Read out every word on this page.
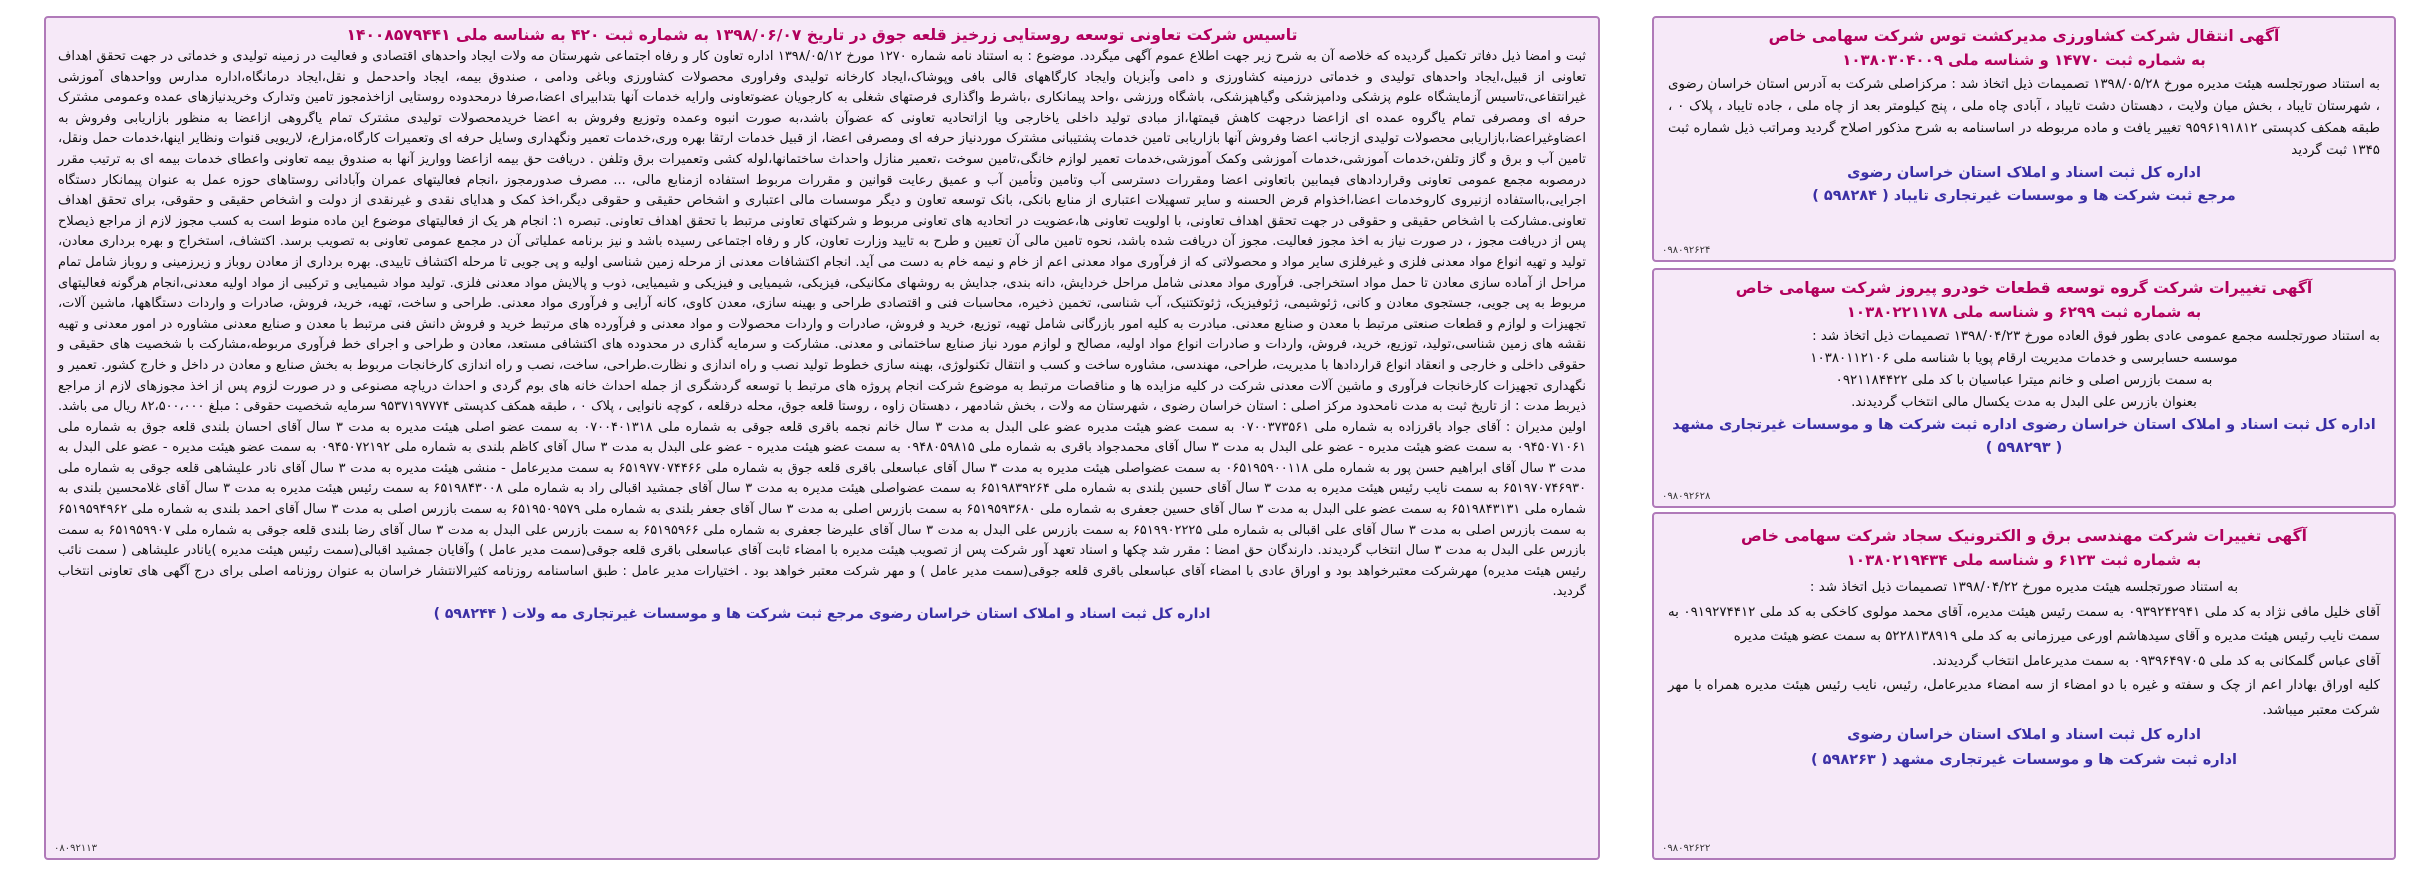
تاسیس شرکت تعاونی توسعه روستایی زرخیز قلعه جوق در تاریخ ۱۳۹۸/۰۶/۰۷ به شماره ثبت ۴۲۰ به شناسه ملی ۱۴۰۰۸۵۷۹۴۴۱
ثبت و امضا ذیل دفاتر تکمیل گردیده که خلاصه آن به شرح زیر جهت اطلاع عموم آگهی میگردد. موضوع : به استناد نامه شماره ۱۲۷۰ مورخ ۱۳۹۸/۰۵/۱۲ اداره تعاون کار و رفاه اجتماعی شهرستان مه ولات ایجاد واحدهای اقتصادی و فعالیت در زمینه تولیدی و خدماتی در جهت تحقق اهداف تعاونی از قبیل،ایجاد واحدهای تولیدی و خدماتی درزمینه کشاورزی و دامی وآبزیان وایجاد کارگاههای قالی بافی وپوشاک،ایجاد کارخانه تولیدی وفراوری محصولات کشاورزی وباغی ودامی ، صندوق بیمه، ایجاد واحدحمل و نقل،ایجاد درمانگاه،اداره مدارس وواحدهای آموزشی غیرانتفاعی،تاسیس آزمایشگاه علوم پزشکی ودامپزشکی وگیاهپزشکی، باشگاه ورزشی ،واحد پیمانکاری ،باشرط واگذاری فرصتهای شغلی به کارجویان عضوتعاونی وارایه خدمات آنها بتدابیرای اعضا،صرفا درمحدوده روستایی ازاخذمجوز تامین وتدارک وخریدنیازهای عمده وعمومی مشترک حرفه ای ومصرفی تمام یاگروه عمده ای ازاعضا درجهت کاهش قیمتها،از مبادی تولید داخلی یاخارجی ویا ازاتحادیه تعاونی که عضوآن باشد،به صورت انبوه وعمده وتوزیع وفروش به اعضا خریدمحصولات تولیدی مشترک تمام یاگروهی ازاعضا به منظور بازاریابی وفروش به اعضاوغیراعضا،بازاریابی محصولات تولیدی ازجانب اعضا وفروش آنها بازاریابی تامین خدمات پشتیبانی مشترک موردنیاز حرفه ای ومصرفی اعضا، از قبیل خدمات ارتقا بهره وری،خدمات تعمیر ونگهداری وسایل حرفه ای وتعمیرات کارگاه،مزارع، لاریویی قنوات ونظایر اینها،خدمات حمل ونقل، تامین آب و برق و گاز وتلفن،خدمات آموزشی،خدمات آموزشی وکمک آموزشی،خدمات تعمیر لوازم خانگی،تامین سوخت ،تعمیر منازل واحداث ساختمانها،لوله کشی وتعمیرات برق وتلفن . دریافت حق بیمه ازاعضا وواریز آنها به صندوق بیمه تعاونی واعطای خدمات بیمه ای به ترتیب مقرر درمصوبه مجمع عمومی تعاونی وقراردادهای فیمابین باتعاونی اعضا ومقررات دسترسی آب وتامین وتأمین آب و عمیق رعایت قوانین و مقررات مربوط استفاده ازمنابع مالی، ... مصرف صدورمجوز ،انجام فعالیتهای عمران وآبادانی روستاهای حوزه عمل به عنوان پیمانکار دستگاه اجرایی،بااستفاده ازنیروی کاروخدمات اعضا،اخذوام قرض الحسنه و سایر تسهیلات اعتباری از منابع بانکی، بانک توسعه تعاون و دیگر موسسات مالی اعتباری و اشخاص حقیقی و حقوقی دیگر،اخذ کمک و هدایای نقدی و غیرنقدی از دولت و اشخاص حقیقی و حقوقی، برای تحقق اهداف تعاونی.مشارکت با اشخاص حقیقی و حقوقی در جهت تحقق اهداف تعاونی، با اولویت تعاونی ها،عضویت در اتحادیه های تعاونی مربوط و شرکتهای تعاونی مرتبط با تحقق اهداف تعاونی. تبصره ۱: انجام هر یک از فعالیتهای موضوع این ماده منوط است به کسب مجوز لازم از مراجع ذیصلاح پس از دریافت مجوز ، در صورت نیاز به اخذ مجوز فعالیت. مجوز آن دریافت شده باشد، نحوه تامین مالی آن تعیین و طرح به تایید وزارت تعاون، کار و رفاه اجتماعی رسیده باشد و نیز برنامه عملیاتی آن در مجمع عمومی تعاونی به تصویب برسد. اکتشاف، استخراج و بهره برداری معادن، تولید و تهیه انواع مواد معدنی فلزی و غیرفلزی سایر مواد و محصولاتی که از فرآوری مواد معدنی اعم از خام و نیمه خام به دست می آید. انجام اکتشافات معدنی از مرحله زمین شناسی اولیه و پی جویی تا مرحله اکتشاف تاییدی. بهره برداری از معادن روباز و زیرزمینی و روباز شامل تمام مراحل از آماده سازی معادن تا حمل مواد استخراجی. فرآوری مواد معدنی شامل مراحل خردایش، دانه بندی، جدایش به روشهای مکانیکی، فیزیکی، شیمیایی و فیزیکی و شیمیایی، ذوب و پالایش مواد معدنی فلزی. تولید مواد شیمیایی و ترکیبی از مواد اولیه معدنی،انجام هرگونه فعالیتهای مربوط به پی جویی، جستجوی معادن و کانی، ژئوشیمی، ژئوفیزیک، ژئوتکتنیک، آب شناسی، تخمین ذخیره، محاسبات فنی و اقتصادی طراحی و بهینه سازی، معدن کاوی، کانه آرایی و فرآوری مواد معدنی. طراحی و ساخت، تهیه، خرید، فروش، صادرات و واردات دستگاهها، ماشین آلات، تجهیزات و لوازم و قطعات صنعتی مرتبط با معدن و صنایع معدنی. مبادرت به کلیه امور بازرگانی شامل تهیه، توزیع، خرید و فروش، صادرات و واردات محصولات و مواد معدنی و فرآورده های مرتبط خرید و فروش دانش فنی مرتبط با معدن و صنایع معدنی مشاوره در امور معدنی و تهیه نقشه های زمین شناسی،تولید، توزیع، خرید، فروش، واردات و صادرات انواع مواد اولیه، مصالح و لوازم مورد نیاز صنایع ساختمانی و معدنی. مشارکت و سرمایه گذاری در محدوده های اکتشافی مستعد، معادن و طراحی و اجرای خط فرآوری مربوطه،مشارکت با شخصیت های حقیقی و حقوقی داخلی و خارجی و انعقاد انواع قراردادها با مدیریت، طراحی، مهندسی، مشاوره ساخت و کسب و انتقال تکنولوژی، بهینه سازی خطوط تولید نصب و راه اندازی و نظارت.طراحی، ساخت، نصب و راه اندازی کارخانجات مربوط به بخش صنایع و معادن در داخل و خارج کشور. تعمیر و نگهداری تجهیزات کارخانجات فرآوری و ماشین آلات معدنی شرکت در کلیه مزایده ها و مناقصات مرتبط به موضوع شرکت انجام پروژه های مرتبط با توسعه گردشگری از جمله احداث خانه های بوم گردی و احداث دریاچه مصنوعی و در صورت لزوم پس از اخذ مجوزهای لازم از مراجع ذیربط مدت : از تاریخ ثبت به مدت نامحدود مرکز اصلی : استان خراسان رضوی ، شهرستان مه ولات ، بخش شادمهر ، دهستان زاوه ، روستا قلعه جوق، محله درقلعه ، کوچه نانوایی ، پلاک ۰ ، طبقه همکف کدپستی ۹۵۳۷۱۹۷۷۷۴ سرمایه شخصیت حقوقی : مبلغ ۸۲،۵۰۰،۰۰۰ ریال می باشد. اولین مدیران : آقای جواد باقرزاده به شماره ملی ۰۷۰۰۳۷۳۵۶۱ به سمت عضو هیئت مدیره عضو علی البدل به مدت ۳ سال خانم نجمه باقری قلعه جوقی به شماره ملی ۰۷۰۰۴۰۱۳۱۸ به سمت عضو اصلی هیئت مدیره به مدت ۳ سال آقای احسان بلندی قلعه جوق به شماره ملی ۰۹۴۵۰۷۱۰۶۱ به سمت عضو هیئت مدیره - عضو علی البدل به مدت ۳ سال آقای محمدجواد باقری به شماره ملی ۰۹۴۸۰۵۹۸۱۵ به سمت عضو هیئت مدیره - عضو علی البدل به مدت ۳ سال آقای کاظم بلندی به شماره ملی ۰۹۴۵۰۷۲۱۹۲ به سمت عضو هیئت مدیره - عضو علی البدل به مدت ۳ سال آقای ابراهیم حسن پور به شماره ملی ۰۶۵۱۹۵۹۰۰۱۱۸ به سمت عضواصلی هیئت مدیره به مدت ۳ سال آقای عباسعلی باقری قلعه جوق به شماره ملی ۶۵۱۹۷۷۰۷۴۴۶۶ به سمت مدیرعامل - منشی هیئت مدیره به مدت ۳ سال آقای نادر علیشاهی قلعه جوقی به شماره ملی ۶۵۱۹۷۰۷۴۶۹۳۰ به سمت نایب رئیس هیئت مدیره به مدت ۳ سال آقای حسین بلندی به شماره ملی ۶۵۱۹۸۳۹۲۶۴ به سمت عضواصلی هیئت مدیره به مدت ۳ سال آقای جمشید اقبالی راد به شماره ملی ۶۵۱۹۸۴۳۰۰۸ به سمت رئیس هیئت مدیره به مدت ۳ سال آقای غلامحسین بلندی به شماره ملی ۶۵۱۹۸۴۳۱۳۱ به سمت عضو علی البدل به مدت ۳ سال آقای حسین جعفری به شماره ملی ۶۵۱۹۵۹۳۶۸۰ به سمت بازرس اصلی به مدت ۳ سال آقای جعفر بلندی به شماره ملی ۶۵۱۹۵۰۹۵۷۹ به سمت بازرس اصلی به مدت ۳ سال آقای احمد بلندی به شماره ملی ۶۵۱۹۵۹۴۹۶۲ به سمت بازرس اصلی به مدت ۳ سال آقای علی اقبالی به شماره ملی ۶۵۱۹۹۰۲۲۲۵ به سمت بازرس علی البدل به مدت ۳ سال آقای علیرضا جعفری به شماره ملی ۶۵۱۹۵۹۶۶ به سمت بازرس علی البدل به مدت ۳ سال آقای رضا بلندی قلعه جوقی به شماره ملی ۶۵۱۹۵۹۹۰۷ به سمت بازرس علی البدل به مدت ۳ سال انتخاب گردیدند. دارندگان حق امضا : مقرر شد چکها و اسناد تعهد آور شرکت پس از تصویب هیئت مدیره با امضاء ثابت آقای عباسعلی باقری قلعه جوقی(سمت مدیر عامل ) وآقایان جمشید اقبالی(سمت رئیس هیئت مدیره )یانادر علیشاهی ( سمت نائب رئیس هیئت مدیره) مهرشرکت معتبرخواهد بود و اوراق عادی با امضاء آقای عباسعلی باقری قلعه جوقی(سمت مدیر عامل ) و مهر شرکت معتبر خواهد بود . اختیارات مدیر عامل : طبق اساسنامه روزنامه کثیرالانتشار خراسان به عنوان روزنامه اصلی برای درج آگهی های تعاونی انتخاب گردید.
اداره کل ثبت اسناد و املاک استان خراسان رضوی مرجع ثبت شرکت ها و موسسات غیرتجاری مه ولات ( ۵۹۸۲۴۴ )
۰۸۰۹۲۱۱۳
آگهی انتقال شرکت کشاورزی مدیرکشت توس شرکت سهامی خاص
به شماره ثبت ۱۴۷۷۰ و شناسه ملی ۱۰۳۸۰۳۰۴۰۰۹
به استناد صورتجلسه هیئت مدیره مورخ ۱۳۹۸/۰۵/۲۸ تصمیمات ذیل اتخاذ شد : مرکزاصلی شرکت به آدرس استان خراسان رضوی ، شهرستان تایباد ، بخش میان ولایت ، دهستان دشت تایباد ، آبادی چاه ملی ، پنج کیلومتر بعد از چاه ملی ، جاده تایباد ، پلاک ۰ ، طبقه همکف کدپستی ۹۵۹۶۱۹۱۸۱۲ تغییر یافت و ماده مربوطه در اساسنامه به شرح مذکور اصلاح گردید ومراتب ذیل شماره ثبت ۱۳۴۵ ثبت گردید
اداره کل ثبت اسناد و املاک استان خراسان رضوی
مرجع ثبت شرکت ها و موسسات غیرتجاری تایباد ( ۵۹۸۲۸۴ )
۰۹۸۰۹۲۶۲۴
آگهی تغییرات شرکت گروه توسعه قطعات خودرو پیروز شرکت سهامی خاص
به شماره ثبت ۶۲۹۹ و شناسه ملی ۱۰۳۸۰۲۲۱۱۷۸
به استناد صورتجلسه مجمع عمومی عادی بطور فوق العاده مورخ ۱۳۹۸/۰۴/۲۳ تصمیمات ذیل اتخاذ شد :
موسسه حسابرسی و خدمات مدیریت ارقام پویا با شناسه ملی ۱۰۳۸۰۱۱۲۱۰۶
به سمت بازرس اصلی و خانم میترا عباسیان با کد ملی ۰۹۲۱۱۸۴۴۲۲
بعنوان بازرس علی البدل به مدت یکسال مالی انتخاب گردیدند.
اداره کل ثبت اسناد و املاک استان خراسان رضوی اداره ثبت شرکت ها و موسسات غیرتجاری مشهد ( ۵۹۸۲۹۳ )
۰۹۸۰۹۲۶۲۸
آگهی تغییرات شرکت مهندسی برق و الکترونیک سجاد شرکت سهامی خاص
به شماره ثبت ۶۱۲۳ و شناسه ملی ۱۰۳۸۰۲۱۹۴۳۴
به استناد صورتجلسه هیئت مدیره مورخ ۱۳۹۸/۰۴/۲۲ تصمیمات ذیل اتخاذ شد :
آقای خلیل مافی نژاد به کد ملی ۰۹۳۹۲۴۲۹۴۱ به سمت رئیس هیئت مدیره، آقای محمد مولوی کاخکی به کد ملی ۰۹۱۹۲۷۴۴۱۲ به سمت نایب رئیس هیئت مدیره و آقای سیدهاشم اورعی میرزمانی به کد ملی ۵۲۲۸۱۳۸۹۱۹ به سمت عضو هیئت مدیره
آقای عباس گلمکانی به کد ملی ۰۹۳۹۶۴۹۷۰۵ به سمت مدیرعامل انتخاب گردیدند.
کلیه اوراق بهادار اعم از چک و سفته و غیره با دو امضاء از سه امضاء مدیرعامل، رئیس، نایب رئیس هیئت مدیره همراه با مهر شرکت معتبر میباشد.
اداره کل ثبت اسناد و املاک استان خراسان رضوی
اداره ثبت شرکت ها و موسسات غیرتجاری مشهد ( ۵۹۸۲۶۳ )
۰۹۸۰۹۲۶۲۲
